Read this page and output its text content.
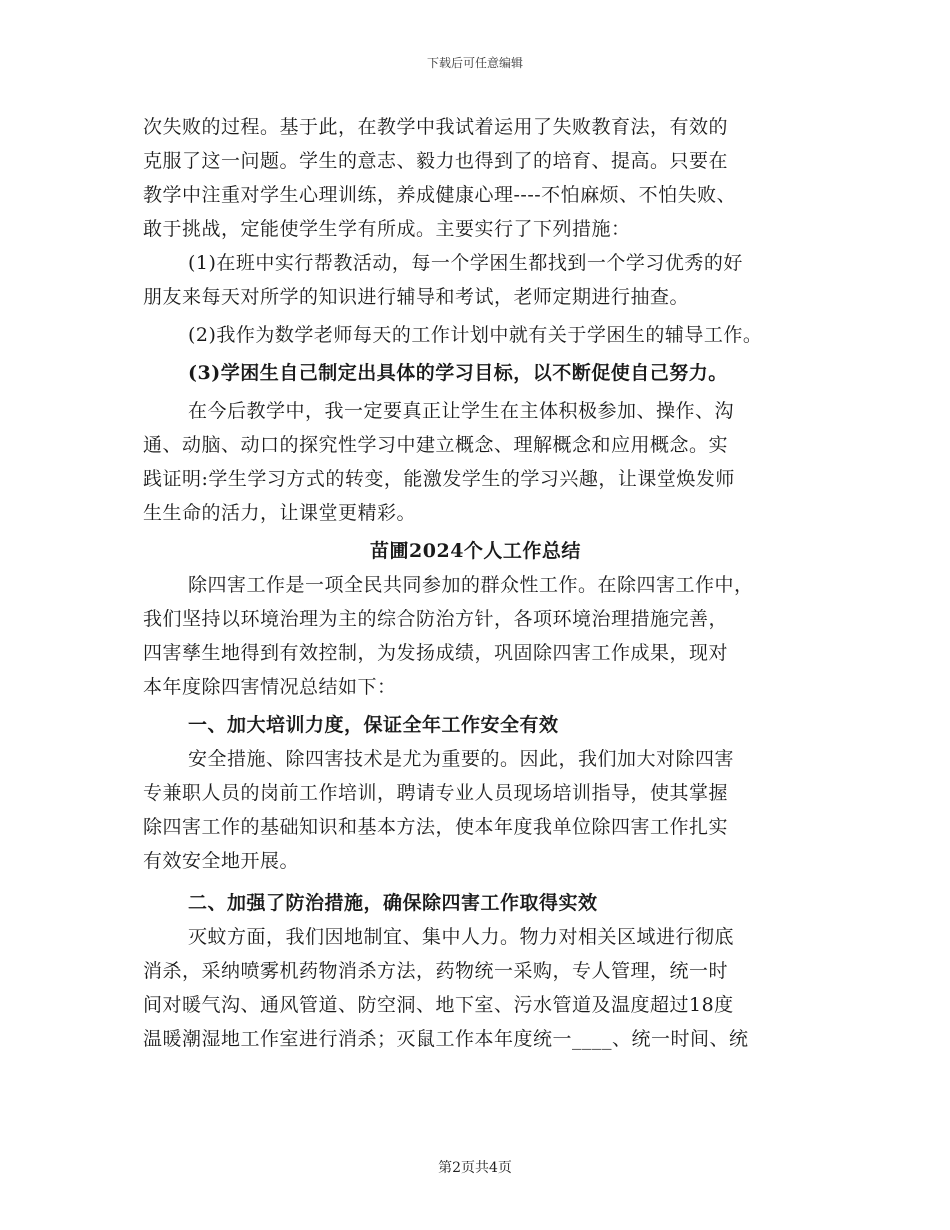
下载后可任意编辑
次失败的过程。基于此，在教学中我试着运用了失败教育法，有效的
克服了这一问题。学生的意志、毅力也得到了的培育、提高。只要在
教学中注重对学生心理训练，养成健康心理----不怕麻烦、不怕失败、
敢于挑战，定能使学生学有所成。主要实行了下列措施：
(1)在班中实行帮教活动，每一个学困生都找到一个学习优秀的好
朋友来每天对所学的知识进行辅导和考试，老师定期进行抽查。
(2)我作为数学老师每天的工作计划中就有关于学困生的辅导工作。
(3)学困生自己制定出具体的学习目标，以不断促使自己努力。
在今后教学中，我一定要真正让学生在主体积极参加、操作、沟
通、动脑、动口的探究性学习中建立概念、理解概念和应用概念。实
践证明:学生学习方式的转变，能激发学生的学习兴趣，让课堂焕发师
生生命的活力，让课堂更精彩。
苗圃2024个人工作总结
除四害工作是一项全民共同参加的群众性工作。在除四害工作中，
我们坚持以环境治理为主的综合防治方针，各项环境治理措施完善，
四害孳生地得到有效控制，为发扬成绩，巩固除四害工作成果，现对
本年度除四害情况总结如下：
一、加大培训力度，保证全年工作安全有效
安全措施、除四害技术是尤为重要的。因此，我们加大对除四害
专兼职人员的岗前工作培训，聘请专业人员现场培训指导，使其掌握
除四害工作的基础知识和基本方法，使本年度我单位除四害工作扎实
有效安全地开展。
二、加强了防治措施，确保除四害工作取得实效
灭蚊方面，我们因地制宜、集中人力。物力对相关区域进行彻底
消杀，采纳喷雾机药物消杀方法，药物统一采购，专人管理，统一时
间对暖气沟、通风管道、防空洞、地下室、污水管道及温度超过18度
温暖潮湿地工作室进行消杀；灭鼠工作本年度统一____、统一时间、统
第2页共4页
